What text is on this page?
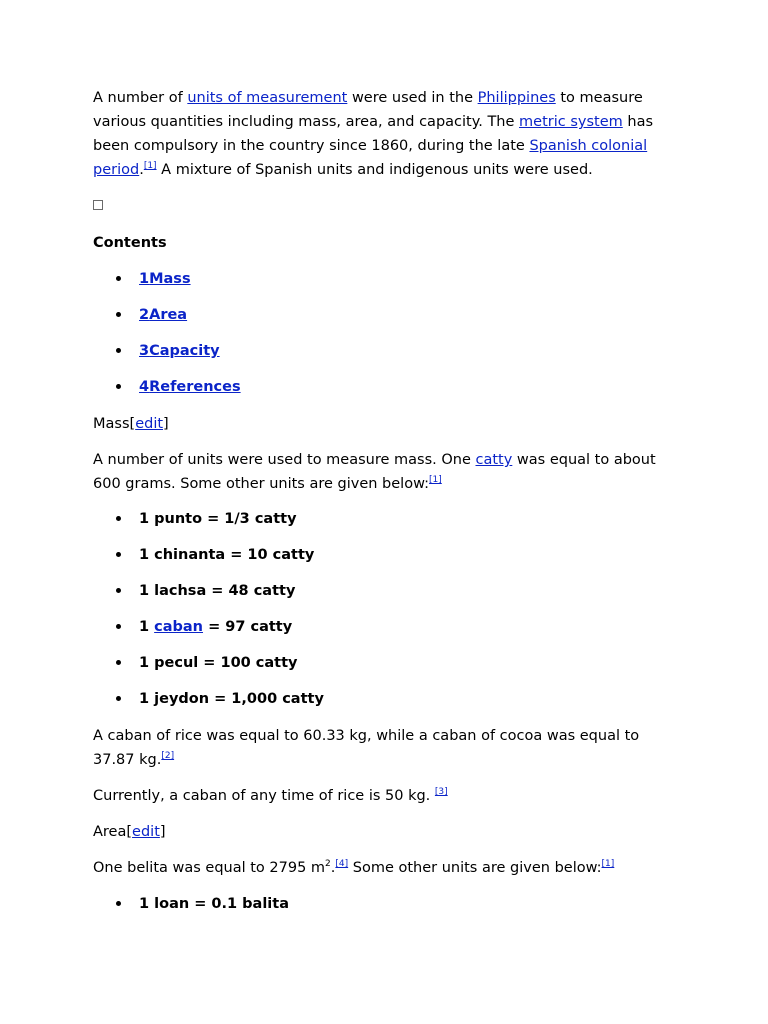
A number of units of measurement were used in the Philippines to measure various quantities including mass, area, and capacity. The metric system has been compulsory in the country since 1860, during the late Spanish colonial period.[1] A mixture of Spanish units and indigenous units were used.

Contents

1Mass
2Area
3Capacity
4References

Mass[edit]

A number of units were used to measure mass. One catty was equal to about 600 grams. Some other units are given below:[1]

1 punto = 1/3 catty
1 chinanta = 10 catty
1 lachsa = 48 catty
1 caban = 97 catty
1 pecul = 100 catty
1 jeydon = 1,000 catty

A caban of rice was equal to 60.33 kg, while a caban of cocoa was equal to 37.87 kg.[2]

Currently, a caban of any time of rice is 50 kg. [3]

Area[edit]

One belita was equal to 2795 $m^2.[4]$ Some other units are given below:[1]

1 loan = 0.1 balita
